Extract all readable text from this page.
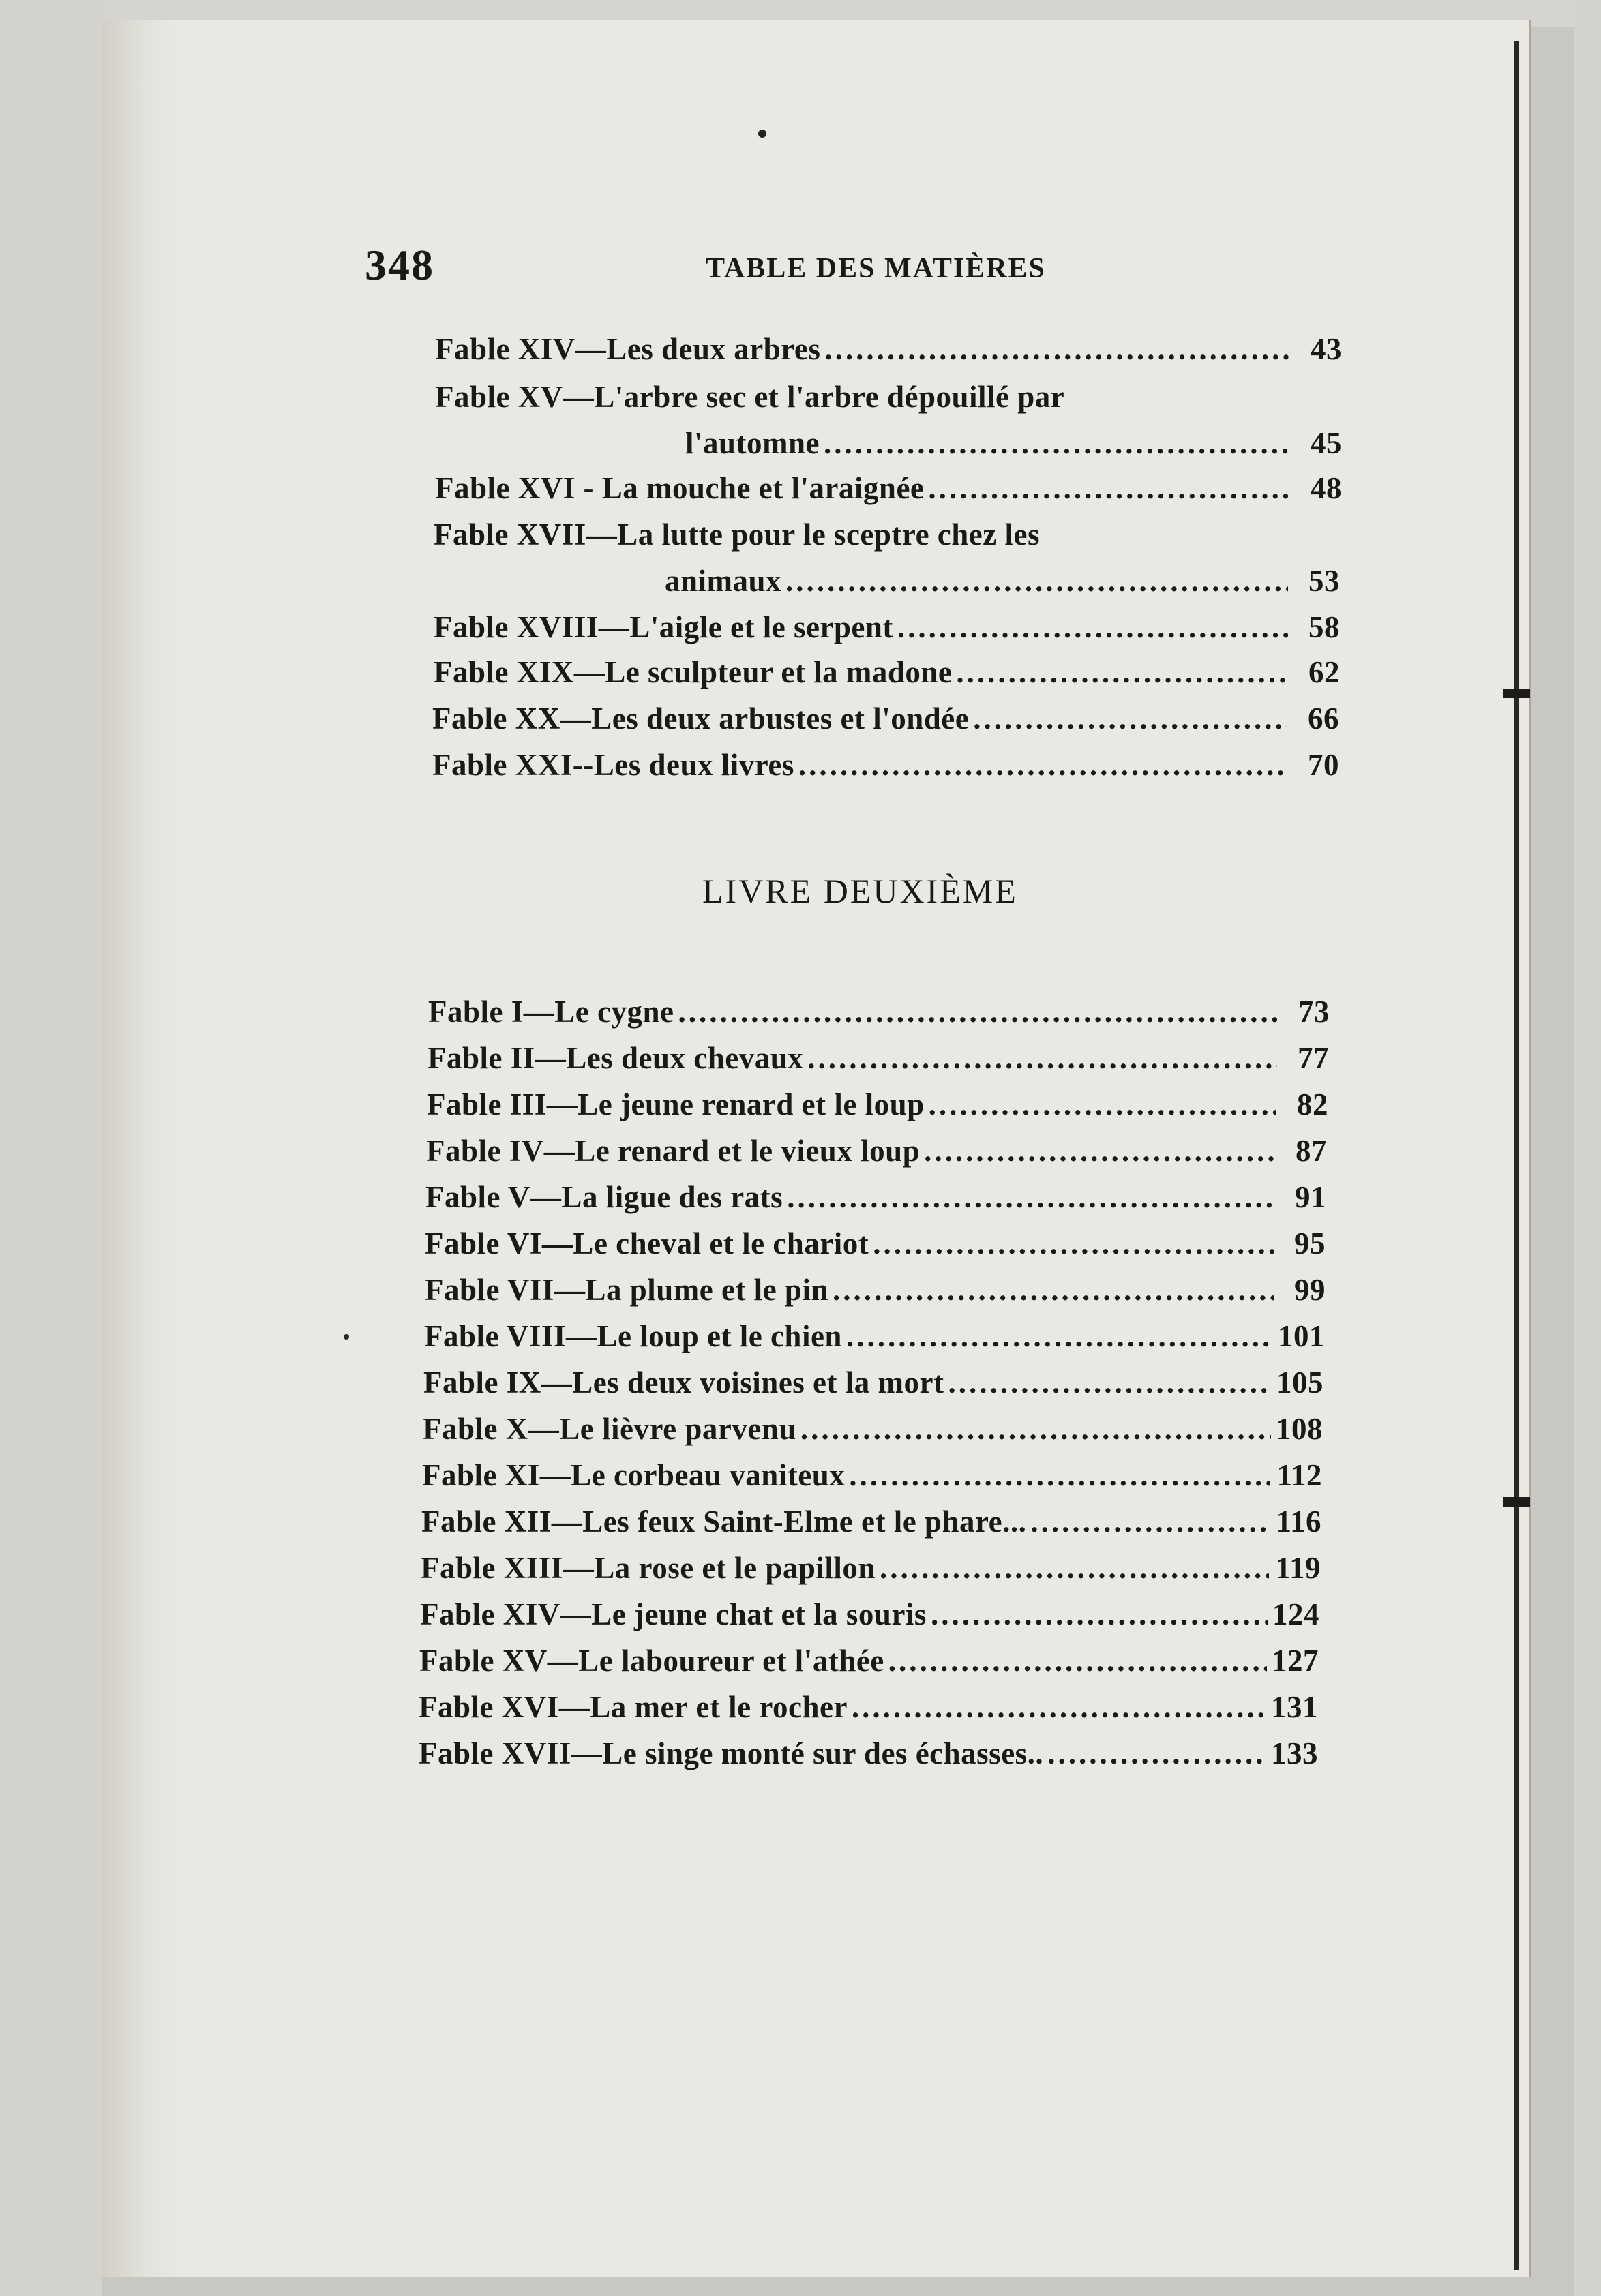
348	TABLE DES MATIÈRES
Fable XIV—Les deux arbres .....	43
Fable XV—L'arbre sec et l'arbre dépouillé par
l'automne .....	45
Fable XVI - La mouche et l'araignée .....	48
Fable XVII—La lutte pour le sceptre chez les
animaux .....	53
Fable XVIII—L'aigle et le serpent .....	58
Fable XIX—Le sculpteur et la madone .....	62
Fable XX—Les deux arbustes et l'ondée .....	66
Fable XXI--Les deux livres .....	70
LIVRE DEUXIÈME
Fable I—Le cygne .....	73
Fable II—Les deux chevaux .....	77
Fable III—Le jeune renard et le loup .....	82
Fable IV—Le renard et le vieux loup .....	87
Fable V—La ligue des rats .....	91
Fable VI—Le cheval et le chariot .....	95
Fable VII—La plume et le pin .....	99
Fable VIII—Le loup et le chien .....	101
Fable IX—Les deux voisines et la mort .....	105
Fable X—Le lièvre parvenu .....	108
Fable XI—Le corbeau vaniteux .....	112
Fable XII—Les feux Saint-Elme et le phare... .....	116
Fable XIII—La rose et le papillon .....	119
Fable XIV—Le jeune chat et la souris .....	124
Fable XV—Le laboureur et l'athée .....	127
Fable XVI—La mer et le rocher .....	131
Fable XVII—Le singe monté sur des échasses.. .....	133
